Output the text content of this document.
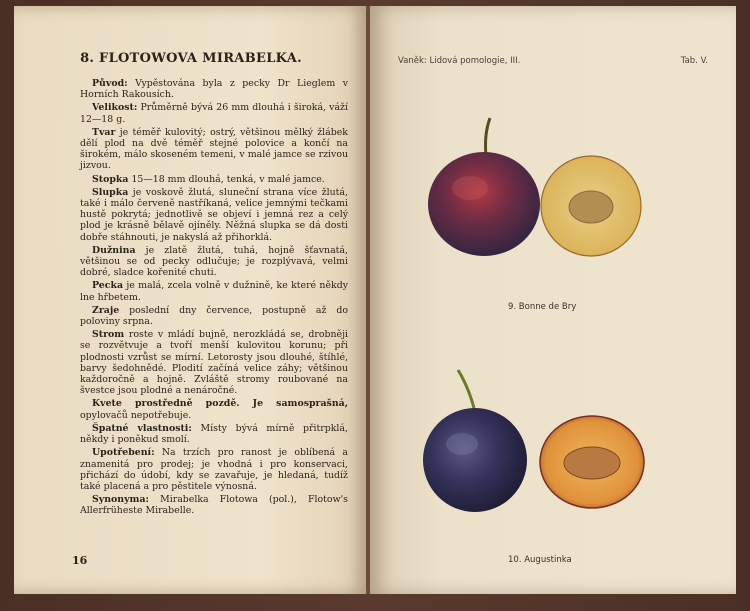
8. FLOTOWOVA MIRABELKA.

Původ: Vypěstována byla z pecky Dr Lieglem v Horních Rakousích.

Velikost: Průměrně bývá 26 mm dlouhá i široká, váží 12—18 g.

Tvar je téměř kulovitý; ostrý, většinou mělký žlábek dělí plod na dvě téměř stejné polovice a končí na širokém, málo skoseném temeni, v malé jamce se rzivou jizvou.

Stopka 15—18 mm dlouhá, tenká, v malé jamce.

Slupka je voskově žlutá, sluneční strana více žlutá, také i málo červeně nastříkaná, velice jemnými tečkami hustě pokrytá; jednotlivě se objeví i jemná rez a celý plod je krásně bělavě ojíněly. Něžná slupka se dá dosti dobře stáhnouti, je nakyslá až přihorklá.

Dužnina je zlatě žlutá, tuhá, hojně šťavnatá, většinou se od pecky odlučuje; je rozplývavá, velmi dobré, sladce kořenité chuti.

Pecka je malá, zcela volně v dužnině, ke které někdy lne hřbetem.

Zraje poslední dny července, postupně až do poloviny srpna.

Strom roste v mládí bujně, nerozkládá se, drobněji se rozvětvuje a tvoří menší kulovitou korunu; při plodnosti vzrůst se mírní. Letorosty jsou dlouhé, štíhlé, barvy šedohnědé. Plodití začíná velice záhy; většinou každoročně a hojně. Zvláště stromy roubované na švestce jsou plodné a nenáročné.

Kvete prostředně pozdě. Je samosprašná, opylovačů nepotřebuje.

Špatné vlastnosti: Místy bývá mírně přitrpklá, někdy i poněkud smolí.

Upotřebení: Na trzích pro ranost je oblíbená a znamenitá pro prodej; je vhodná i pro konservaci, přichází do údobí, kdy se zavařuje, je hledaná, tudíž také placená a pro pěstitele výnosná.

Synonyma: Mirabelka Flotowa (pol.), Flotow's Allerfrüheste Mirabelle.

16
Vaněk: Lidová pomologie, III.	Tab. V.
9. Bonne de Bry
10. Augustinka
